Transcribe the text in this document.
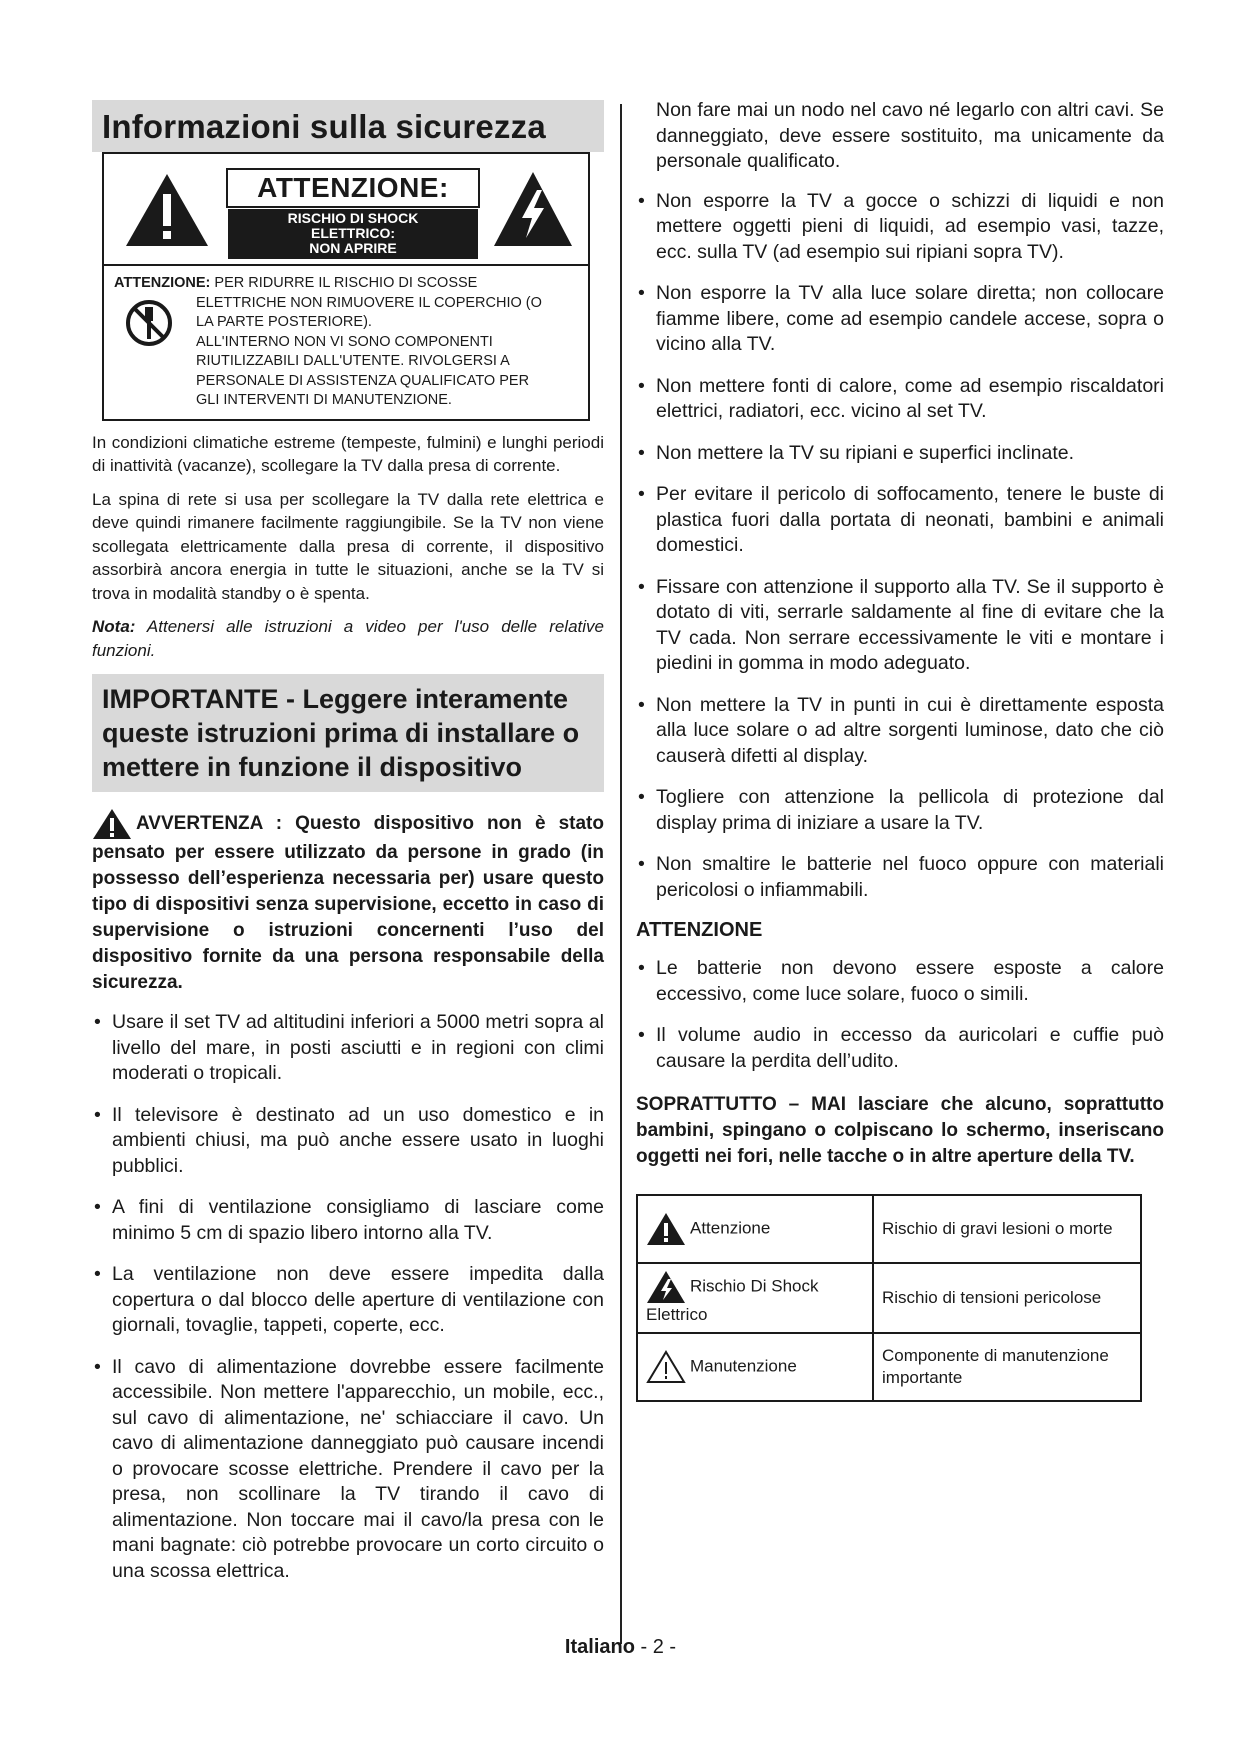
Informazioni sulla sicurezza
ATTENZIONE:
RISCHIO DI SHOCK
ELETTRICO:
NON APRIRE
ATTENZIONE: PER RIDURRE IL RISCHIO DI SCOSSE
ELETTRICHE NON RIMUOVERE IL COPERCHIO (O
LA PARTE POSTERIORE).
ALL'INTERNO NON VI SONO COMPONENTI
RIUTILIZZABILI DALL'UTENTE. RIVOLGERSI A
PERSONALE DI ASSISTENZA QUALIFICATO PER
GLI INTERVENTI DI MANUTENZIONE.

In condizioni climatiche estreme (tempeste, fulmini) e lunghi periodi di inattività (vacanze), scollegare la TV dalla presa di corrente.

La spina di rete si usa per scollegare la TV dalla rete elettrica e deve quindi rimanere facilmente raggiungibile. Se la TV non viene scollegata elettricamente dalla presa di corrente, il dispositivo assorbirà ancora energia in tutte le situazioni, anche se la TV si trova in modalità standby o è spenta.

Nota: Attenersi alle istruzioni a video per l'uso delle relative funzioni.

IMPORTANTE - Leggere interamente queste istruzioni prima di installare o mettere in funzione il dispositivo

AVVERTENZA : Questo dispositivo non è stato pensato per essere utilizzato da persone in grado (in possesso dell’esperienza necessaria per) usare questo tipo di dispositivi senza supervisione, eccetto in caso di supervisione o istruzioni concernenti l’uso del dispositivo fornite da una persona responsabile della sicurezza.

• Usare il set TV ad altitudini inferiori a 5000 metri sopra al livello del mare, in posti asciutti e in regioni con climi moderati o tropicali.
• Il televisore è destinato ad un uso domestico e in ambienti chiusi, ma può anche essere usato in luoghi pubblici.
• A fini di ventilazione consigliamo di lasciare come minimo 5 cm di spazio libero intorno alla TV.
• La ventilazione non deve essere impedita dalla copertura o dal blocco delle aperture di ventilazione con giornali, tovaglie, tappeti, coperte, ecc.
• Il cavo di alimentazione dovrebbe essere facilmente accessibile. Non mettere l'apparecchio, un mobile, ecc., sul cavo di alimentazione, ne' schiacciare il cavo. Un cavo di alimentazione danneggiato può causare incendi o provocare scosse elettriche. Prendere il cavo per la presa, non scollinare la TV tirando il cavo di alimentazione. Non toccare mai il cavo/la presa con le mani bagnate: ciò potrebbe provocare un corto circuito o una scossa elettrica.
Non fare mai un nodo nel cavo né legarlo con altri cavi. Se danneggiato, deve essere sostituito, ma unicamente da personale qualificato.
• Non esporre la TV a gocce o schizzi di liquidi e non mettere oggetti pieni di liquidi, ad esempio vasi, tazze, ecc. sulla TV (ad esempio sui ripiani sopra TV).
• Non esporre la TV alla luce solare diretta; non collocare fiamme libere, come ad esempio candele accese, sopra o vicino alla TV.
• Non mettere fonti di calore, come ad esempio riscaldatori elettrici, radiatori, ecc. vicino al set TV.
• Non mettere la TV su ripiani e superfici inclinate.
• Per evitare il pericolo di soffocamento, tenere le buste di plastica fuori dalla portata di neonati, bambini e animali domestici.
• Fissare con attenzione il supporto alla TV. Se il supporto è dotato di viti, serrarle saldamente al fine di evitare che la TV cada. Non serrare eccessivamente le viti e montare i piedini in gomma in modo adeguato.
• Non mettere la TV in punti in cui è direttamente esposta alla luce solare o ad altre sorgenti luminose, dato che ciò causerà difetti al display.
• Togliere con attenzione la pellicola di protezione dal display prima di iniziare a usare la TV.
• Non smaltire le batterie nel fuoco oppure con materiali pericolosi o infiammabili.
ATTENZIONE
• Le batterie non devono essere esposte a calore eccessivo, come luce solare, fuoco o simili.
• Il volume audio in eccesso da auricolari e cuffie può causare la perdita dell’udito.

SOPRATTUTTO – MAI lasciare che alcuno, soprattutto bambini, spingano o colpiscano lo schermo, inseriscano oggetti nei fori, nelle tacche o in altre aperture della TV.

Attenzione	Rischio di gravi lesioni o morte
Rischio Di Shock Elettrico	Rischio di tensioni pericolose
Manutenzione	Componente di manutenzione importante
Italiano - 2 -
